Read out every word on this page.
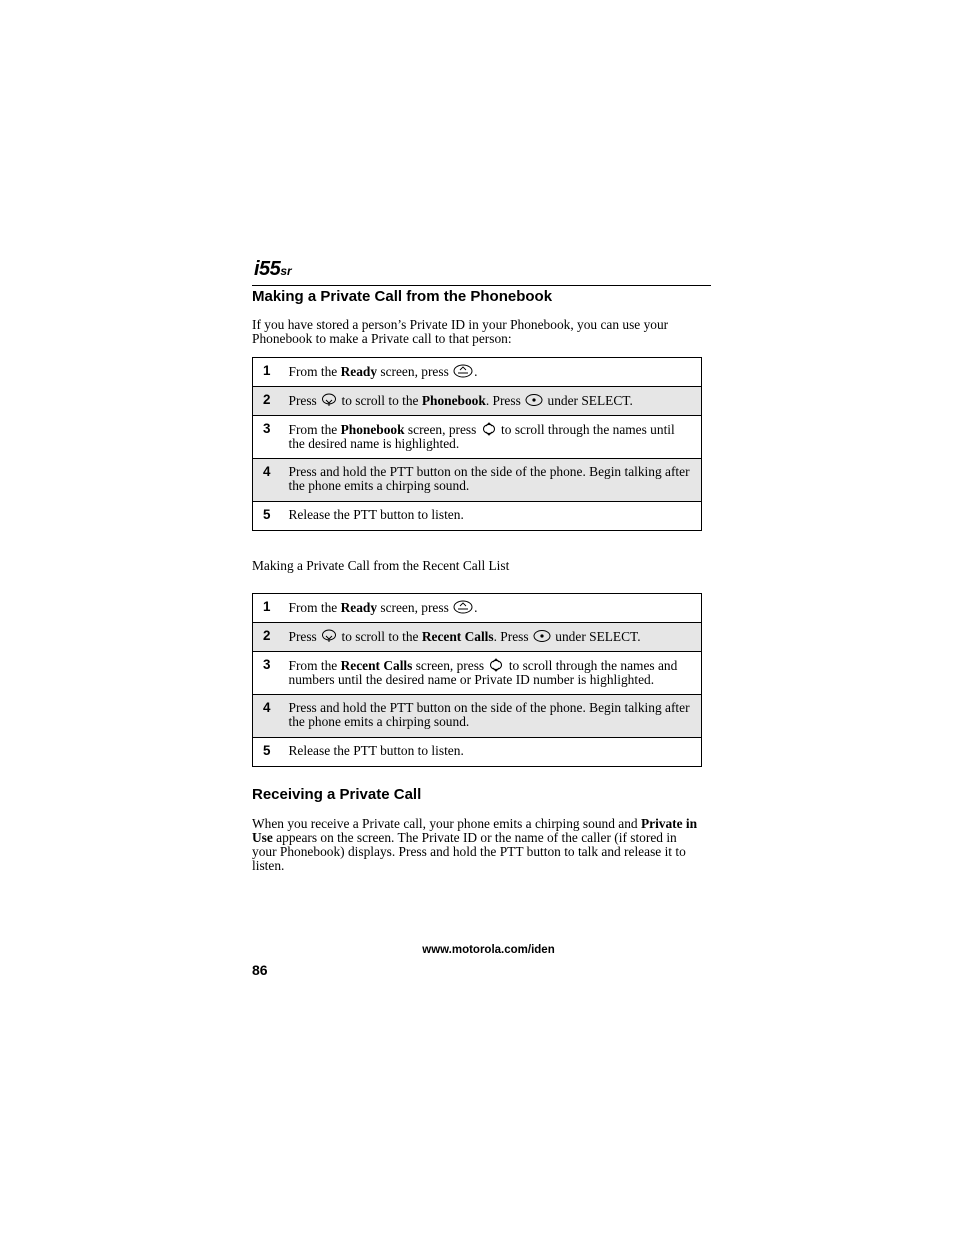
i55sr
Making a Private Call from the Phonebook
If you have stored a person’s Private ID in your Phonebook, you can use your Phonebook to make a Private call to that person:
1	From the Ready screen, press .
2	Press  to scroll to the Phonebook. Press  under SELECT.
3	From the Phonebook screen, press  to scroll through the names until the desired name is highlighted.
4	Press and hold the PTT button on the side of the phone. Begin talking after the phone emits a chirping sound.
5	Release the PTT button to listen.
Making a Private Call from the Recent Call List
1	From the Ready screen, press .
2	Press  to scroll to the Recent Calls. Press  under SELECT.
3	From the Recent Calls screen, press  to scroll through the names and numbers until the desired name or Private ID number is highlighted.
4	Press and hold the PTT button on the side of the phone. Begin talking after the phone emits a chirping sound.
5	Release the PTT button to listen.
Receiving a Private Call
When you receive a Private call, your phone emits a chirping sound and Private in Use appears on the screen. The Private ID or the name of the caller (if stored in your Phonebook) displays. Press and hold the PTT button to talk and release it to listen.
www.motorola.com/iden
86
